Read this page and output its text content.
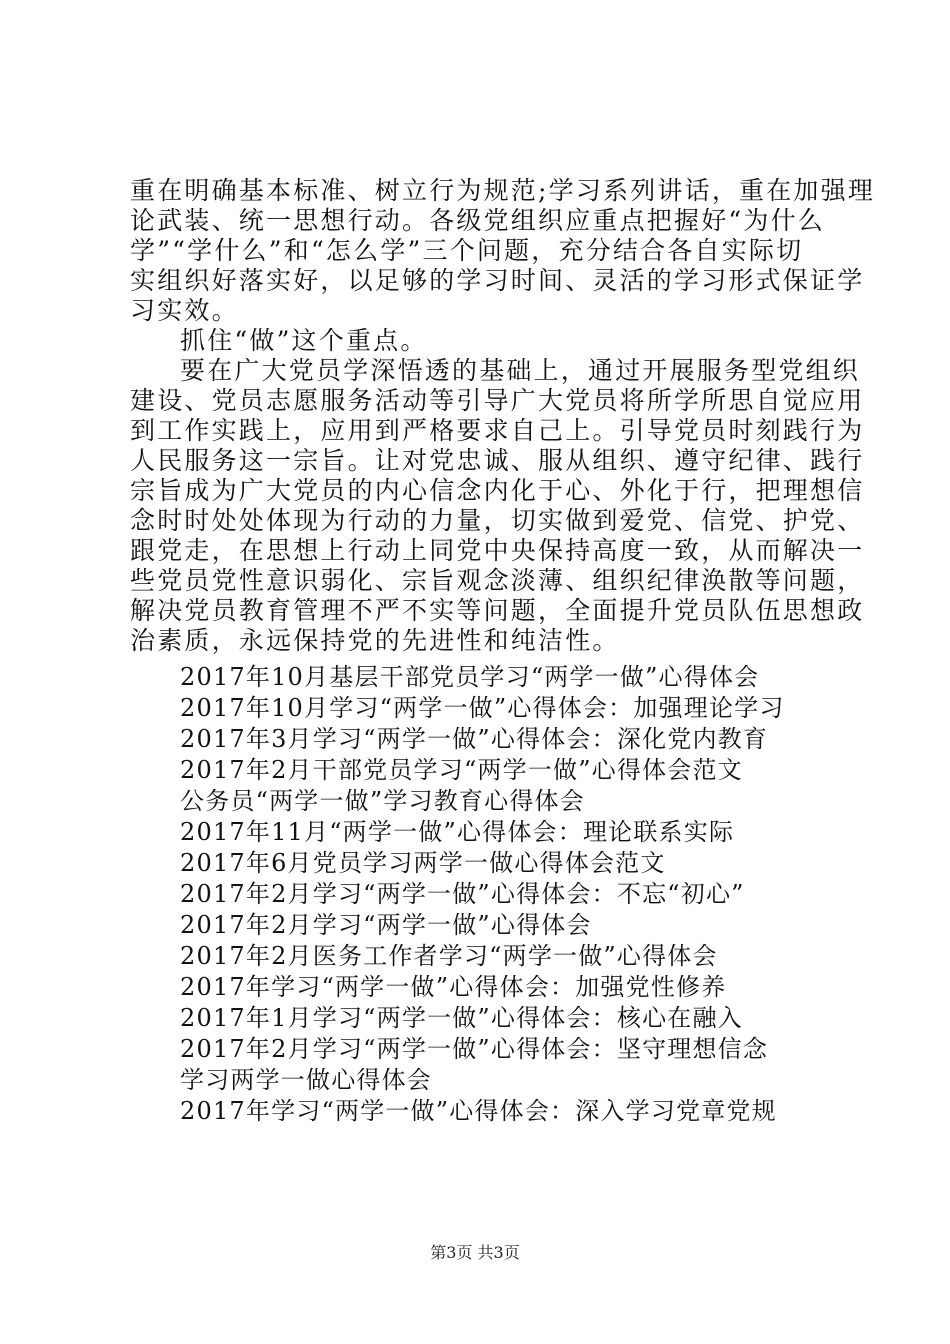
重在明确基本标准、树立行为规范;学习系列讲话，重在加强理
论武装、统一思想行动。各级党组织应重点把握好“为什么
学”“学什么”和“怎么学”三个问题，充分结合各自实际切
实组织好落实好，以足够的学习时间、灵活的学习形式保证学
习实效。
抓住“做”这个重点。
要在广大党员学深悟透的基础上，通过开展服务型党组织
建设、党员志愿服务活动等引导广大党员将所学所思自觉应用
到工作实践上，应用到严格要求自己上。引导党员时刻践行为
人民服务这一宗旨。让对党忠诚、服从组织、遵守纪律、践行
宗旨成为广大党员的内心信念内化于心、外化于行，把理想信
念时时处处体现为行动的力量，切实做到爱党、信党、护党、
跟党走，在思想上行动上同党中央保持高度一致，从而解决一
些党员党性意识弱化、宗旨观念淡薄、组织纪律涣散等问题，
解决党员教育管理不严不实等问题，全面提升党员队伍思想政
治素质，永远保持党的先进性和纯洁性。
2017年10月基层干部党员学习“两学一做”心得体会
2017年10月学习“两学一做”心得体会：加强理论学习
2017年3月学习“两学一做”心得体会：深化党内教育
2017年2月干部党员学习“两学一做”心得体会范文
公务员“两学一做”学习教育心得体会
2017年11月“两学一做”心得体会：理论联系实际
2017年6月党员学习两学一做心得体会范文
2017年2月学习“两学一做”心得体会：不忘“初心”
2017年2月学习“两学一做”心得体会
2017年2月医务工作者学习“两学一做”心得体会
2017年学习“两学一做”心得体会：加强党性修养
2017年1月学习“两学一做”心得体会：核心在融入
2017年2月学习“两学一做”心得体会：坚守理想信念
学习两学一做心得体会
2017年学习“两学一做”心得体会：深入学习党章党规
第3页 共3页
